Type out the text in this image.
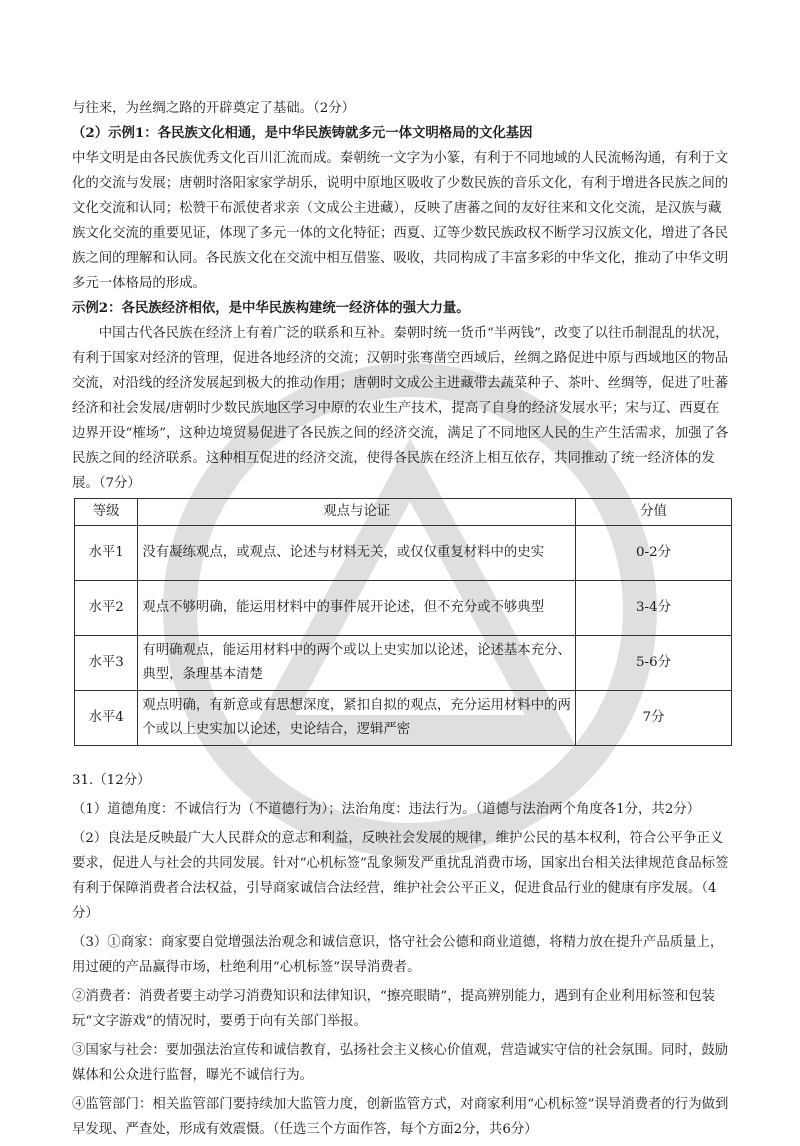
与往来，为丝绸之路的开辟奠定了基础。（2分）

（2）示例1：各民族文化相通，是中华民族铸就多元一体文明格局的文化基因

中华文明是由各民族优秀文化百川汇流而成。秦朝统一文字为小篆，有利于不同地域的人民流畅沟通，有利于文化的交流与发展；唐朝时洛阳家家学胡乐，说明中原地区吸收了少数民族的音乐文化，有利于增进各民族之间的文化交流和认同；松赞干布派使者求亲（文成公主进藏），反映了唐蕃之间的友好往来和文化交流，是汉族与藏族文化交流的重要见证，体现了多元一体的文化特征；西夏、辽等少数民族政权不断学习汉族文化，增进了各民族之间的理解和认同。各民族文化在交流中相互借鉴、吸收，共同构成了丰富多彩的中华文化，推动了中华文明多元一体格局的形成。

示例2：各民族经济相依，是中华民族构建统一经济体的强大力量。

中国古代各民族在经济上有着广泛的联系和互补。秦朝时统一货币“半两钱”，改变了以往币制混乱的状况，有利于国家对经济的管理，促进各地经济的交流；汉朝时张骞凿空西域后，丝绸之路促进中原与西域地区的物品交流，对沿线的经济发展起到极大的推动作用；唐朝时文成公主进藏带去蔬菜种子、茶叶、丝绸等，促进了吐蕃经济和社会发展/唐朝时少数民族地区学习中原的农业生产技术，提高了自身的经济发展水平；宋与辽、西夏在边界开设“榷场”，这种边境贸易促进了各民族之间的经济交流，满足了不同地区人民的生产生活需求，加强了各民族之间的经济联系。这种相互促进的经济交流，使得各民族在经济上相互依存，共同推动了统一经济体的发展。（7分）

等级	观点与论证	分值
水平1	没有凝练观点，或观点、论述与材料无关，或仅仅重复材料中的史实	0-2分
水平2	观点不够明确，能运用材料中的事件展开论述，但不充分或不够典型	3-4分
水平3	有明确观点，能运用材料中的两个或以上史实加以论述，论述基本充分、典型，条理基本清楚	5-6分
水平4	观点明确，有新意或有思想深度，紧扣自拟的观点，充分运用材料中的两个或以上史实加以论述，史论结合，逻辑严密	7分

31.（12分）

（1）道德角度：不诚信行为（不道德行为）；法治角度：违法行为。（道德与法治两个角度各1分，共2分）

（2）良法是反映最广大人民群众的意志和利益，反映社会发展的规律，维护公民的基本权利，符合公平争正义要求，促进人与社会的共同发展。针对“心机标签”乱象频发严重扰乱消费市场，国家出台相关法律规范食品标签有利于保障消费者合法权益，引导商家诚信合法经营，维护社会公平正义，促进食品行业的健康有序发展。（4分）

（3）①商家：商家要自觉增强法治观念和诚信意识，恪守社会公德和商业道德，将精力放在提升产品质量上，用过硬的产品赢得市场，杜绝利用“心机标签”误导消费者。

②消费者：消费者要主动学习消费知识和法律知识，“擦亮眼睛”，提高辨别能力，遇到有企业利用标签和包装玩“文字游戏”的情况时，要勇于向有关部门举报。

③国家与社会：要加强法治宣传和诚信教育，弘扬社会主义核心价值观，营造诚实守信的社会氛围。同时，鼓励媒体和公众进行监督，曝光不诚信行为。

④监管部门：相关监管部门要持续加大监管力度，创新监管方式，对商家利用“心机标签”误导消费者的行为做到早发现、严查处，形成有效震慑。（任选三个方面作答，每个方面2分，共6分）
